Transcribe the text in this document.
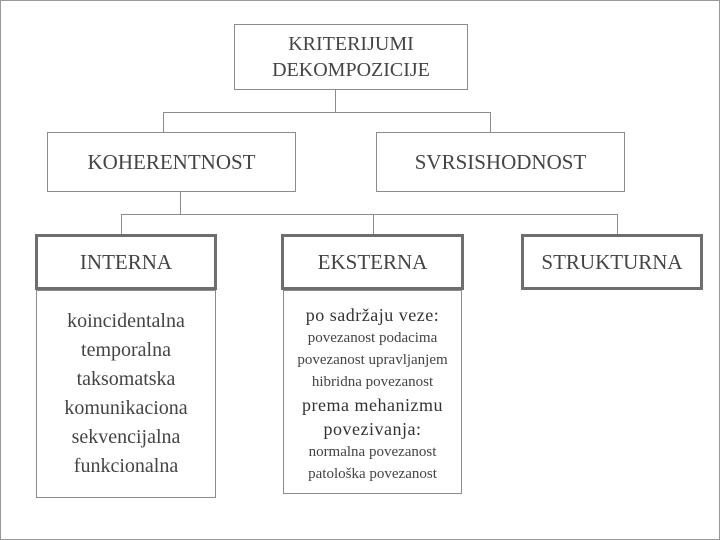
KRITERIJUMI
DEKOMPOZICIJE
KOHERENTNOST	SVRSISHODNOST
INTERNA	EKSTERNA	STRUKTURNA
koincidentalna
temporalna
taksomatska
komunikaciona
sekvencijalna
funkcionalna
po sadržaju veze:
povezanost podacima
povezanost upravljanjem
hibridna povezanost
prema mehanizmu
povezivanja:
normalna povezanost
patološka povezanost
